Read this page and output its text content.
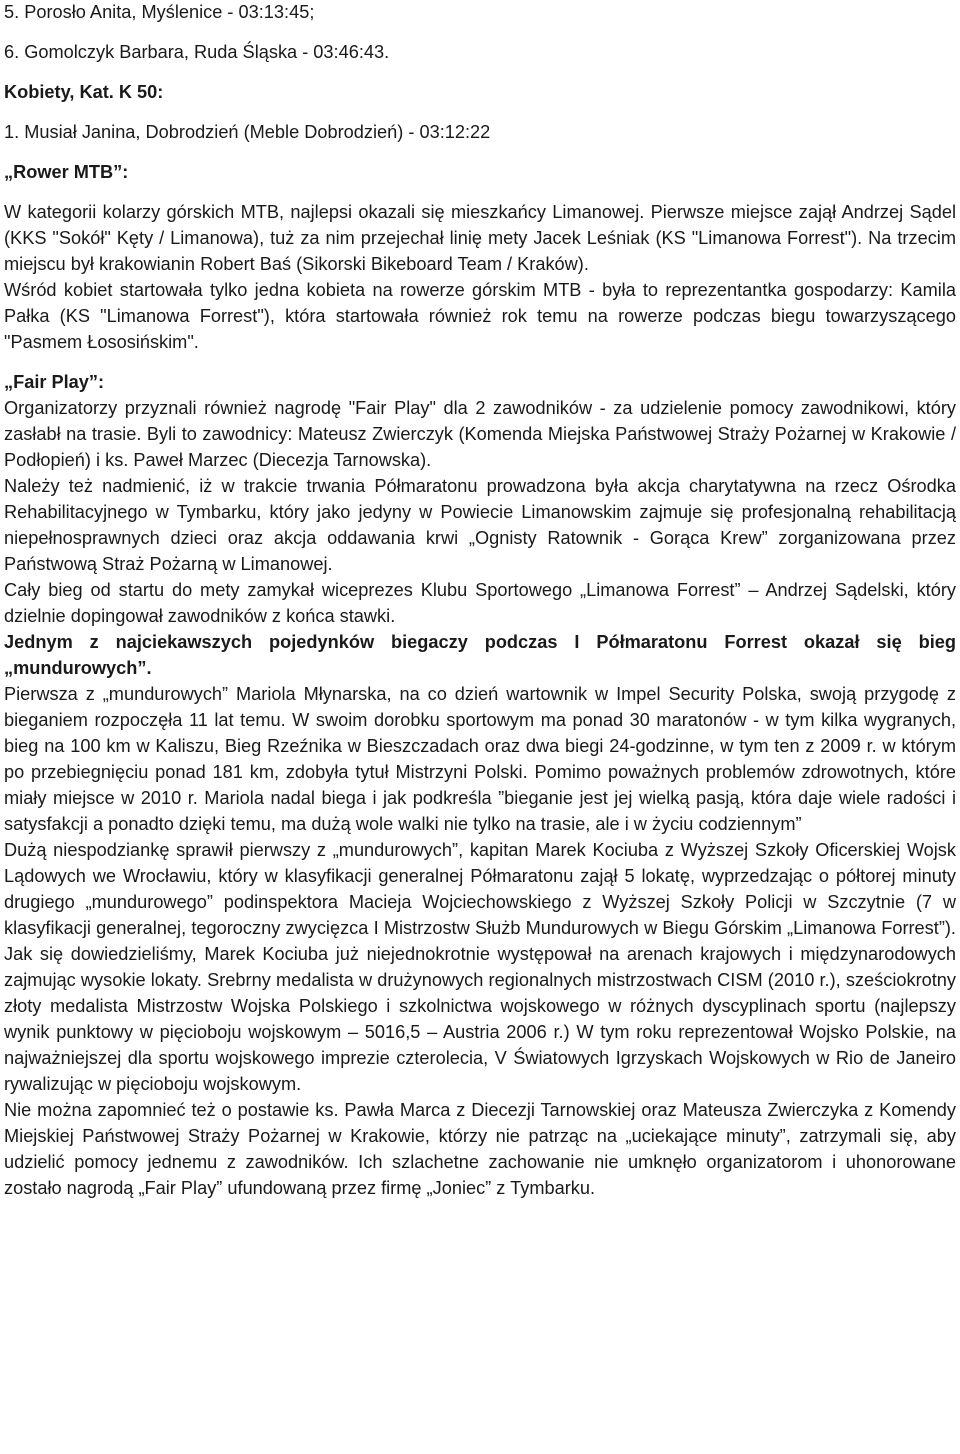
5. Porosło Anita, Myślenice - 03:13:45;

6. Gomolczyk Barbara, Ruda Śląska - 03:46:43.

Kobiety, Kat. K 50:

1. Musiał Janina, Dobrodzień (Meble Dobrodzień) - 03:12:22

„Rower MTB”:

W kategorii kolarzy górskich MTB, najlepsi okazali się mieszkańcy Limanowej. Pierwsze miejsce zajął Andrzej Sądel (KKS "Sokół" Kęty / Limanowa), tuż za nim przejechał linię mety Jacek Leśniak (KS "Limanowa Forrest"). Na trzecim miejscu był krakowianin Robert Baś (Sikorski Bikeboard Team / Kraków).

Wśród kobiet startowała tylko jedna kobieta na rowerze górskim MTB - była to reprezentantka gospodarzy: Kamila Pałka (KS "Limanowa Forrest"), która startowała również rok temu na rowerze podczas biegu towarzyszącego "Pasmem Łososińskim".

„Fair Play”:

Organizatorzy przyznali również nagrodę "Fair Play" dla 2 zawodników - za udzielenie pomocy zawodnikowi, który zasłabł na trasie. Byli to zawodnicy: Mateusz Zwierczyk (Komenda Miejska Państwowej Straży Pożarnej w Krakowie / Podłopień) i ks. Paweł Marzec (Diecezja Tarnowska).

Należy też nadmienić, iż w trakcie trwania Półmaratonu prowadzona była akcja charytatywna na rzecz Ośrodka Rehabilitacyjnego w Tymbarku, który jako jedyny w Powiecie Limanowskim zajmuje się profesjonalną rehabilitacją niepełnosprawnych dzieci oraz akcja oddawania krwi „Ognisty Ratownik - Gorąca Krew” zorganizowana przez Państwową Straż Pożarną w Limanowej.

Cały bieg od startu do mety zamykał wiceprezes Klubu Sportowego „Limanowa Forrest” – Andrzej Sądelski, który dzielnie dopingował zawodników z końca stawki.

Jednym z najciekawszych pojedynków biegaczy podczas I Półmaratonu Forrest okazał się bieg „mundurowych”.

Pierwsza z „mundurowych” Mariola Młynarska, na co dzień wartownik w Impel Security Polska, swoją przygodę z bieganiem rozpoczęła 11 lat temu. W swoim dorobku sportowym ma ponad 30 maratonów - w tym kilka wygranych, bieg na 100 km w Kaliszu, Bieg Rzeźnika w Bieszczadach oraz dwa biegi 24-godzinne, w tym ten z 2009 r. w którym po przebiegnięciu ponad 181 km, zdobyła tytuł Mistrzyni Polski. Pomimo poważnych problemów zdrowotnych, które miały miejsce w 2010 r. Mariola nadal biega i jak podkreśla ”bieganie jest jej wielką pasją, która daje wiele radości i satysfakcji a ponadto dzięki temu, ma dużą wole walki nie tylko na trasie, ale i w życiu codziennym”

Dużą niespodziankę sprawił pierwszy z „mundurowych”, kapitan Marek Kociuba z Wyższej Szkoły Oficerskiej Wojsk Lądowych we Wrocławiu, który w klasyfikacji generalnej Półmaratonu zajął 5 lokatę, wyprzedzając o półtorej minuty drugiego „mundurowego” podinspektora Macieja Wojciechowskiego z Wyższej Szkoły Policji w Szczytnie (7 w klasyfikacji generalnej, tegoroczny zwycięzca I Mistrzostw Służb Mundurowych w Biegu Górskim „Limanowa Forrest”). Jak się dowiedzieliśmy, Marek Kociuba już niejednokrotnie występował na arenach krajowych i międzynarodowych zajmując wysokie lokaty. Srebrny medalista w drużynowych regionalnych mistrzostwach CISM (2010 r.), sześciokrotny złoty medalista Mistrzostw Wojska Polskiego i szkolnictwa wojskowego w różnych dyscyplinach sportu (najlepszy wynik punktowy w pięcioboju wojskowym – 5016,5 – Austria 2006 r.) W tym roku reprezentował Wojsko Polskie, na najważniejszej dla sportu wojskowego imprezie czterolecia, V Światowych Igrzyskach Wojskowych w Rio de Janeiro rywalizując w pięcioboju wojskowym.

Nie można zapomnieć też o postawie ks. Pawła Marca z Diecezji Tarnowskiej oraz Mateusza Zwierczyka z Komendy Miejskiej Państwowej Straży Pożarnej w Krakowie, którzy nie patrząc na „uciekające minuty”, zatrzymali się, aby udzielić pomocy jednemu z zawodników. Ich szlachetne zachowanie nie umknęło organizatorom i uhonorowane zostało nagrodą „Fair Play” ufundowaną przez firmę „Joniec” z Tymbarku.
